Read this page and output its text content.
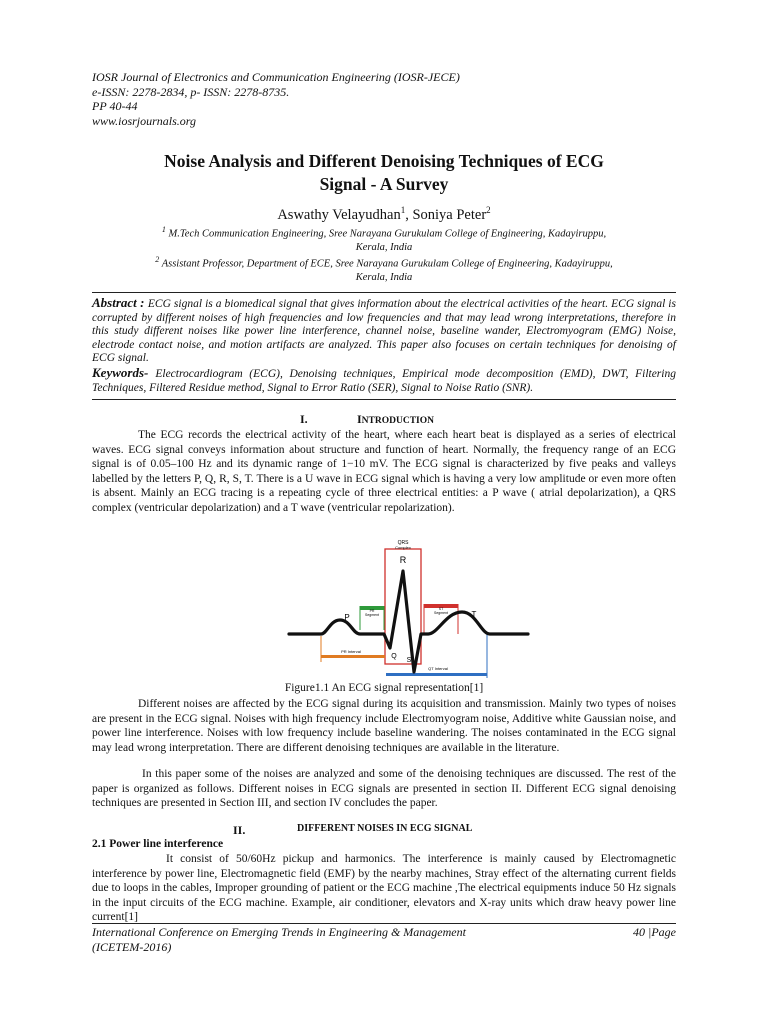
IOSR Journal of Electronics and Communication Engineering (IOSR-JECE)
e-ISSN: 2278-2834, p- ISSN: 2278-8735.
PP 40-44
www.iosrjournals.org
Noise Analysis and Different Denoising Techniques of ECG
Signal - A Survey
Aswathy Velayudhan$^1$, Soniya Peter$^2$
$^1$ M.Tech Communication Engineering, Sree Narayana Gurukulam College of Engineering, Kadayiruppu,
Kerala, India
$^2$ Assistant Professor, Department of ECE, Sree Narayana Gurukulam College of Engineering, Kadayiruppu,
Kerala, India
Abstract : ECG signal is a biomedical signal that gives information about the electrical activities of the heart. ECG signal is corrupted by different noises of high frequencies and low frequencies and that may lead wrong interpretations, therefore in this study different noises like power line interference, channel noise, baseline wander, Electromyogram (EMG) Noise, electrode contact noise, and motion artifacts are analyzed. This paper also focuses on certain techniques for denoising of ECG signal.
Keywords- Electrocardiogram (ECG), Denoising techniques, Empirical mode decomposition (EMD), DWT, Filtering Techniques, Filtered Residue method, Signal to Error Ratio (SER), Signal to Noise Ratio (SNR).
I.	INTRODUCTION
The ECG records the electrical activity of the heart, where each heart beat is displayed as a series of electrical waves. ECG signal conveys information about structure and function of heart. Normally, the frequency range of an ECG signal is of 0.05–100 Hz and its dynamic range of 1−10 mV. The ECG signal is characterized by five peaks and valleys labelled by the letters P, Q, R, S, T. There is a U wave in ECG signal which is having a very low amplitude or even more often is absent. Mainly an ECG tracing is a repeating cycle of three electrical entities: a P wave ( atrial depolarization), a QRS complex (ventricular depolarization) and a T wave (ventricular repolarization).
QRS
Complex
PR
Segment
ST
Segment
PR Interval
QT Interval
R
P	T
Q
S
Figure1.1 An ECG signal representation[1]
Different noises are affected by the ECG signal during its acquisition and transmission. Mainly two types of noises are present in the ECG signal. Noises with high frequency include Electromyogram noise, Additive white Gaussian noise, and power line interference. Noises with low frequency include baseline wandering. The noises contaminated in the ECG signal may lead wrong interpretation. There are different denoising techniques are available in the literature.
In this paper some of the noises are analyzed and some of the denoising techniques are discussed. The rest of the paper is organized as follows. Different noises in ECG signals are presented in section II. Different ECG signal denoising techniques are presented in Section III, and section IV concludes the paper.
II.	DIFFERENT NOISES IN ECG SIGNAL
2.1 Power line interference
It consist of 50/60Hz pickup and harmonics. The interference is mainly caused by Electromagnetic interference by power line, Electromagnetic field (EMF) by the nearby machines, Stray effect of the alternating current fields due to loops in the cables, Improper grounding of patient or the ECG machine ,The electrical equipments induce 50 Hz signals in the input circuits of the ECG machine. Example, air conditioner, elevators and X-ray units which draw heavy power line current[1]
International Conference on Emerging Trends in Engineering & Management
(ICETEM-2016)
40 |Page
